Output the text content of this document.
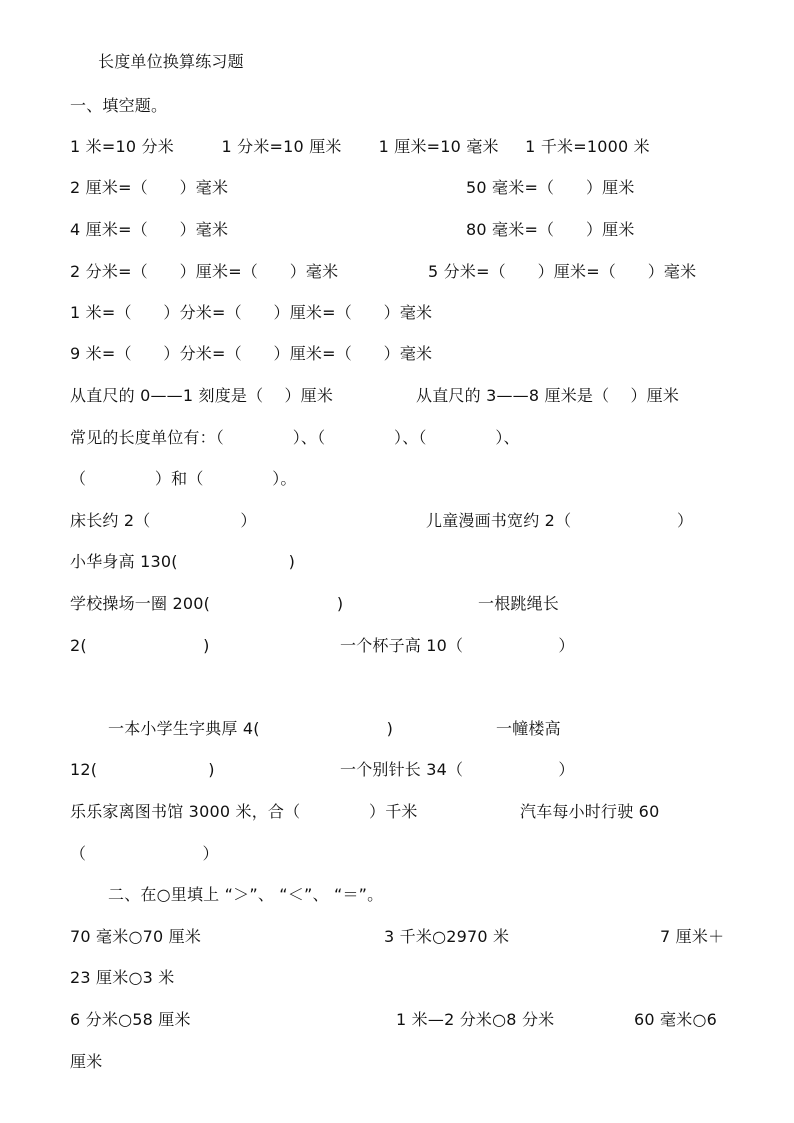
长度单位换算练习题
一、填空题。
1 米=10 分米         1 分米=10 厘米       1 厘米=10 毫米     1 千米=1000 米
2 厘米=（      ）毫米	50 毫米=（      ）厘米
4 厘米=（      ）毫米	80 毫米=（      ）厘米
2 分米=（      ）厘米=（      ）毫米	5 分米=（      ）厘米=（      ）毫米
1 米=（      ）分米=（      ）厘米=（      ）毫米
9 米=（      ）分米=（      ）厘米=（      ）毫米
从直尺的 0——1 刻度是（    ）厘米	从直尺的 3——8 厘米是（    ）厘米
常见的长度单位有：（             ）、（             ）、（             ）、
（             ）和（             ）。
床长约 2（                 ）	儿童漫画书宽约 2（                    ）
小华身高 130(                     )
学校操场一圈 200(                        )	一根跳绳长
2(                      )	一个杯子高 10（                  ）
一本小学生字典厚 4(                        )	一幢楼高
12(                     )	一个别针长 34（                  ）
乐乐家离图书馆 3000 米，合（             ）千米	汽车每小时行驶 60
（                      ）
二、在○里填上 “＞”、 “＜”、 “＝”。
70 毫米○70 厘米	3 千米○2970 米	7 厘米＋
23 厘米○3 米
6 分米○58 厘米	1 米—2 分米○8 分米	60 毫米○6
厘米
